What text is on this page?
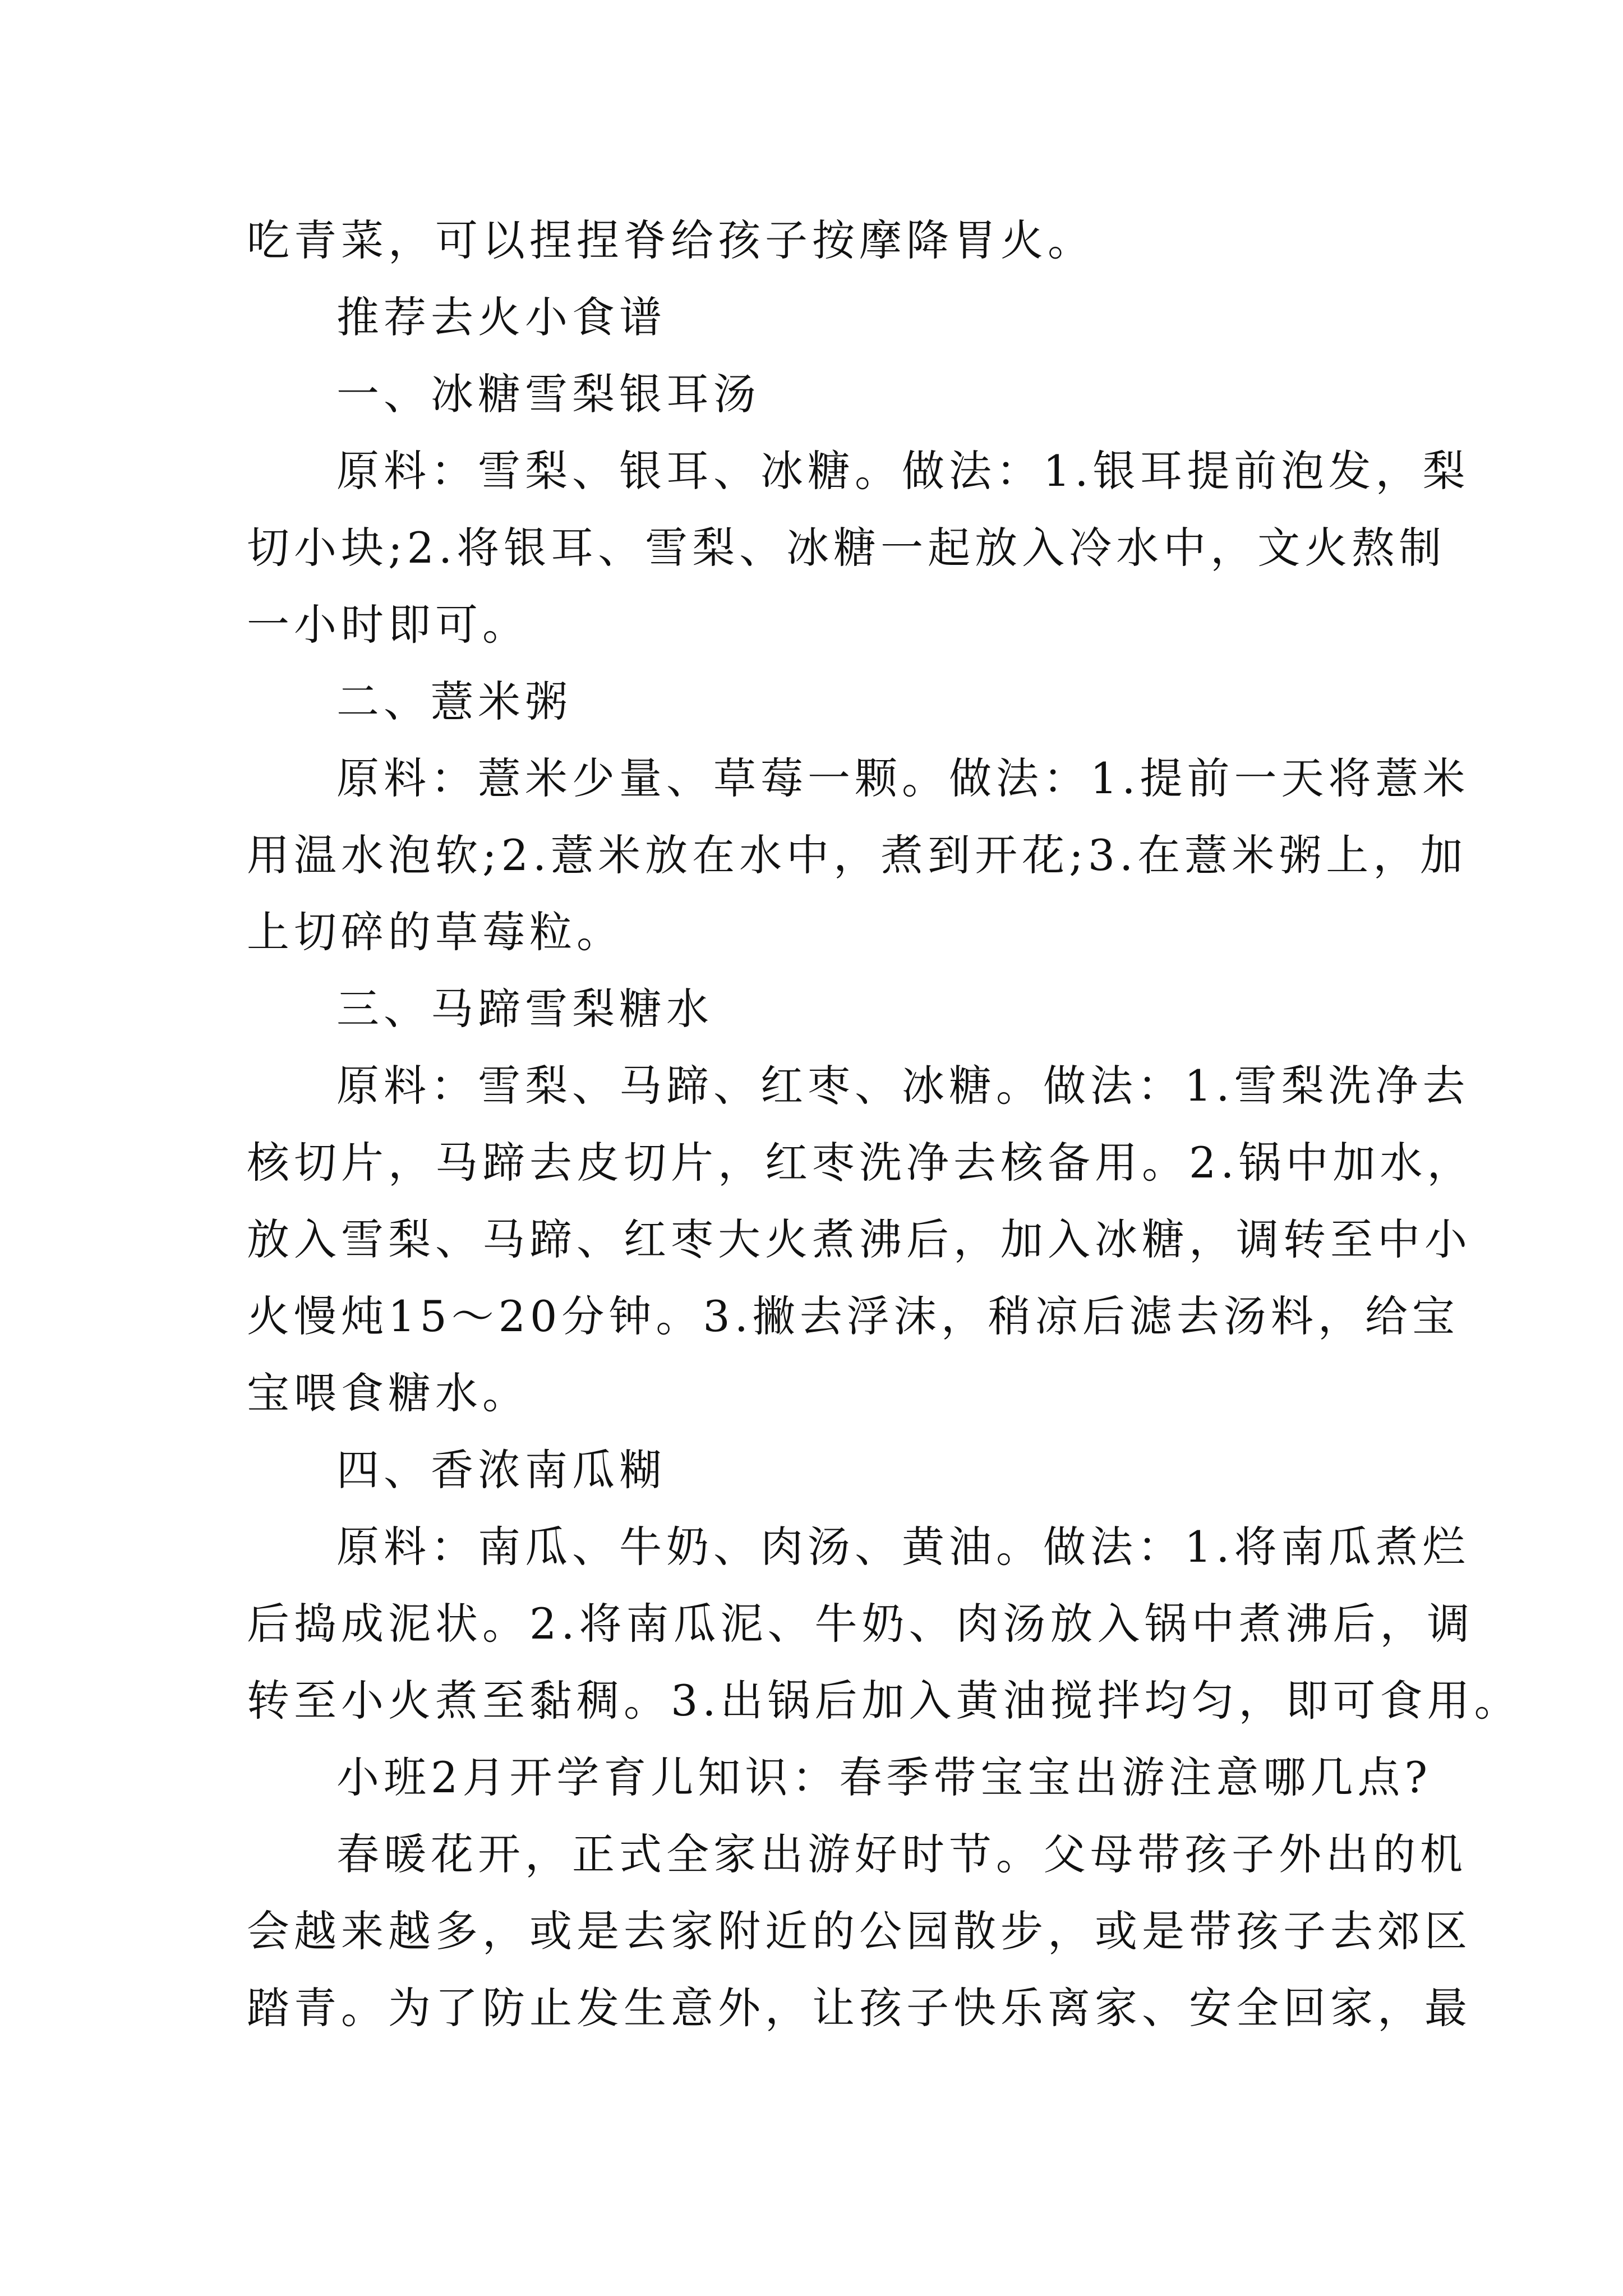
吃青菜，可以捏捏脊给孩子按摩降胃火。
推荐去火小食谱
一、冰糖雪梨银耳汤
原料：雪梨、银耳、冰糖。做法：1.银耳提前泡发，梨
切小块;2.将银耳、雪梨、冰糖一起放入冷水中，文火熬制
一小时即可。
二、薏米粥
原料：薏米少量、草莓一颗。做法：1.提前一天将薏米
用温水泡软;2.薏米放在水中，煮到开花;3.在薏米粥上，加
上切碎的草莓粒。
三、马蹄雪梨糖水
原料：雪梨、马蹄、红枣、冰糖。做法：1.雪梨洗净去
核切片，马蹄去皮切片，红枣洗净去核备用。2.锅中加水，
放入雪梨、马蹄、红枣大火煮沸后，加入冰糖，调转至中小
火慢炖15～20分钟。3.撇去浮沫，稍凉后滤去汤料，给宝
宝喂食糖水。
四、香浓南瓜糊
原料：南瓜、牛奶、肉汤、黄油。做法：1.将南瓜煮烂
后捣成泥状。2.将南瓜泥、牛奶、肉汤放入锅中煮沸后，调
转至小火煮至黏稠。3.出锅后加入黄油搅拌均匀，即可食用。
小班2月开学育儿知识：春季带宝宝出游注意哪几点?
春暖花开，正式全家出游好时节。父母带孩子外出的机
会越来越多，或是去家附近的公园散步，或是带孩子去郊区
踏青。为了防止发生意外，让孩子快乐离家、安全回家，最
